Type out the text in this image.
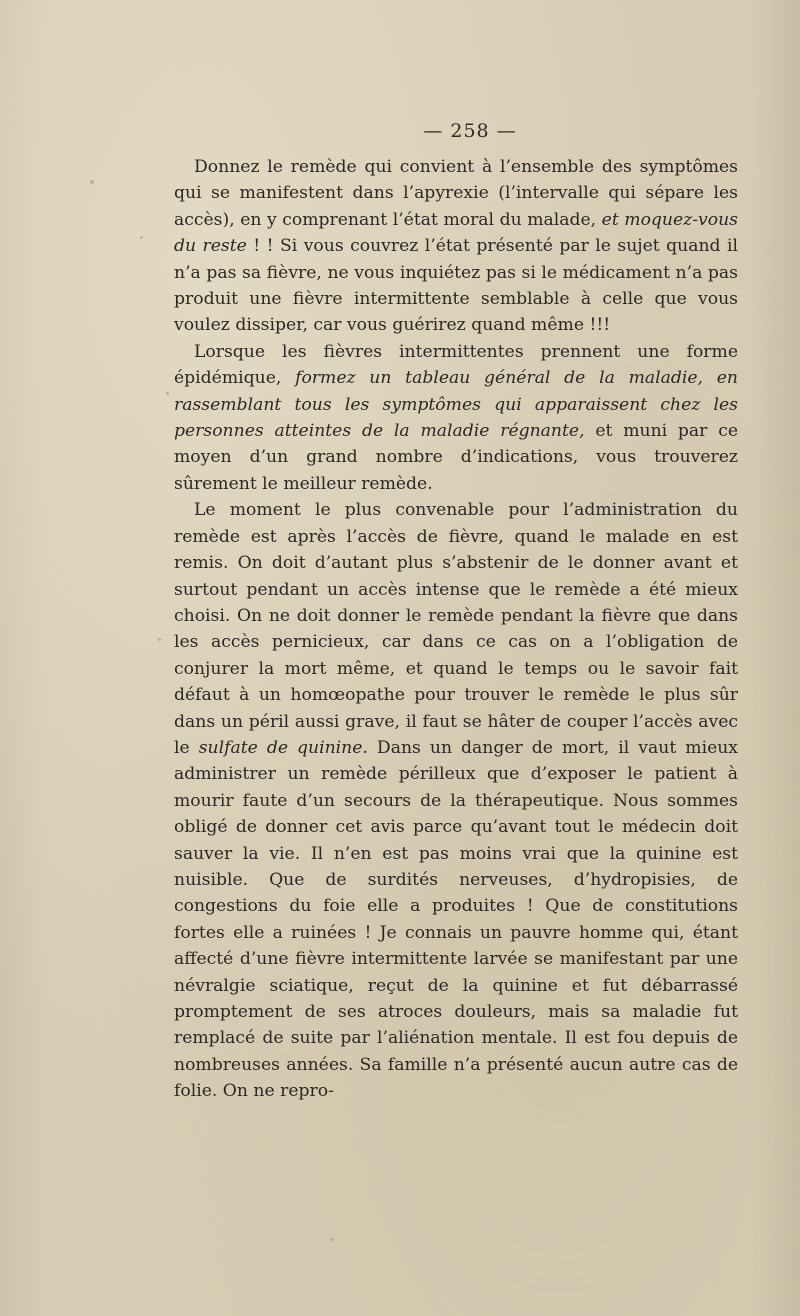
— 258 —

Donnez le remède qui convient à l’ensemble des symptômes qui se manifestent dans l’apyrexie (l’intervalle qui sépare les accès), en y comprenant l’état moral du malade, et moquez-vous du reste ! ! Si vous couvrez l’état présenté par le sujet quand il n’a pas sa fièvre, ne vous inquiétez pas si le médicament n’a pas produit une fièvre intermittente semblable à celle que vous voulez dissiper, car vous guérirez quand même !!!

Lorsque les fièvres intermittentes prennent une forme épidémique, formez un tableau général de la maladie, en rassemblant tous les symptômes qui apparaissent chez les personnes atteintes de la maladie régnante, et muni par ce moyen d’un grand nombre d’indications, vous trouverez sûrement le meilleur remède.

Le moment le plus convenable pour l’administration du remède est après l’accès de fièvre, quand le malade en est remis. On doit d’autant plus s’abstenir de le donner avant et surtout pendant un accès intense que le remède a été mieux choisi. On ne doit donner le remède pendant la fièvre que dans les accès pernicieux, car dans ce cas on a l’obligation de conjurer la mort même, et quand le temps ou le savoir fait défaut à un homœopathe pour trouver le remède le plus sûr dans un péril aussi grave, il faut se hâter de couper l’accès avec le sulfate de quinine. Dans un danger de mort, il vaut mieux administrer un remède périlleux que d’exposer le patient à mourir faute d’un secours de la thérapeutique. Nous sommes obligé de donner cet avis parce qu’avant tout le médecin doit sauver la vie. Il n’en est pas moins vrai que la quinine est nuisible. Que de surdités nerveuses, d’hydropisies, de congestions du foie elle a produites ! Que de constitutions fortes elle a ruinées ! Je connais un pauvre homme qui, étant affecté d’une fièvre intermittente larvée se manifestant par une névralgie sciatique, reçut de la quinine et fut débarrassé promptement de ses atroces douleurs, mais sa maladie fut remplacé de suite par l’aliénation mentale. Il est fou depuis de nombreuses années. Sa famille n’a présenté aucun autre cas de folie. On ne repro-
